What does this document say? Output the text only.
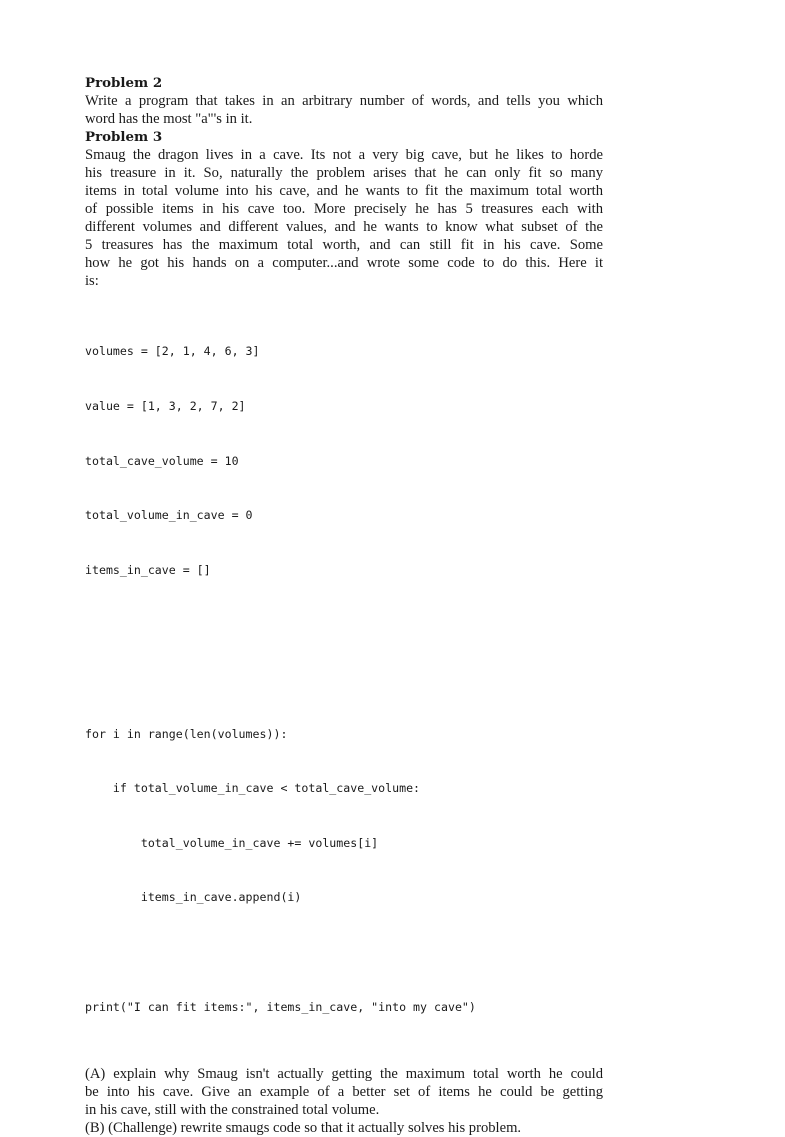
Problem 2

Write a program that takes in an arbitrary number of words, and tells you which
word has the most "a"'s in it.

Problem 3

Smaug the dragon lives in a cave. Its not a very big cave, but he likes to horde
his treasure in it. So, naturally the problem arises that he can only fit so many
items in total volume into his cave, and he wants to fit the maximum total worth
of possible items in his cave too. More precisely he has 5 treasures each with
different volumes and different values, and he wants to know what subset of the
5 treasures has the maximum total worth, and can still fit in his cave. Some
how he got his hands on a computer...and wrote some code to do this. Here it
is:

volumes = [2, 1, 4, 6, 3]

value = [1, 3, 2, 7, 2]

total_cave_volume = 10

total_volume_in_cave = 0

items_in_cave = []

for i in range(len(volumes)):

if total_volume_in_cave < total_cave_volume:

total_volume_in_cave += volumes[i]

items_in_cave.append(i)

print("I can fit items:", items_in_cave, "into my cave")

(A) explain why Smaug isn't actually getting the maximum total worth he could
be into his cave. Give an example of a better set of items he could be getting
in his cave, still with the constrained total volume.

(B) (Challenge) rewrite smaugs code so that it actually solves his problem.
